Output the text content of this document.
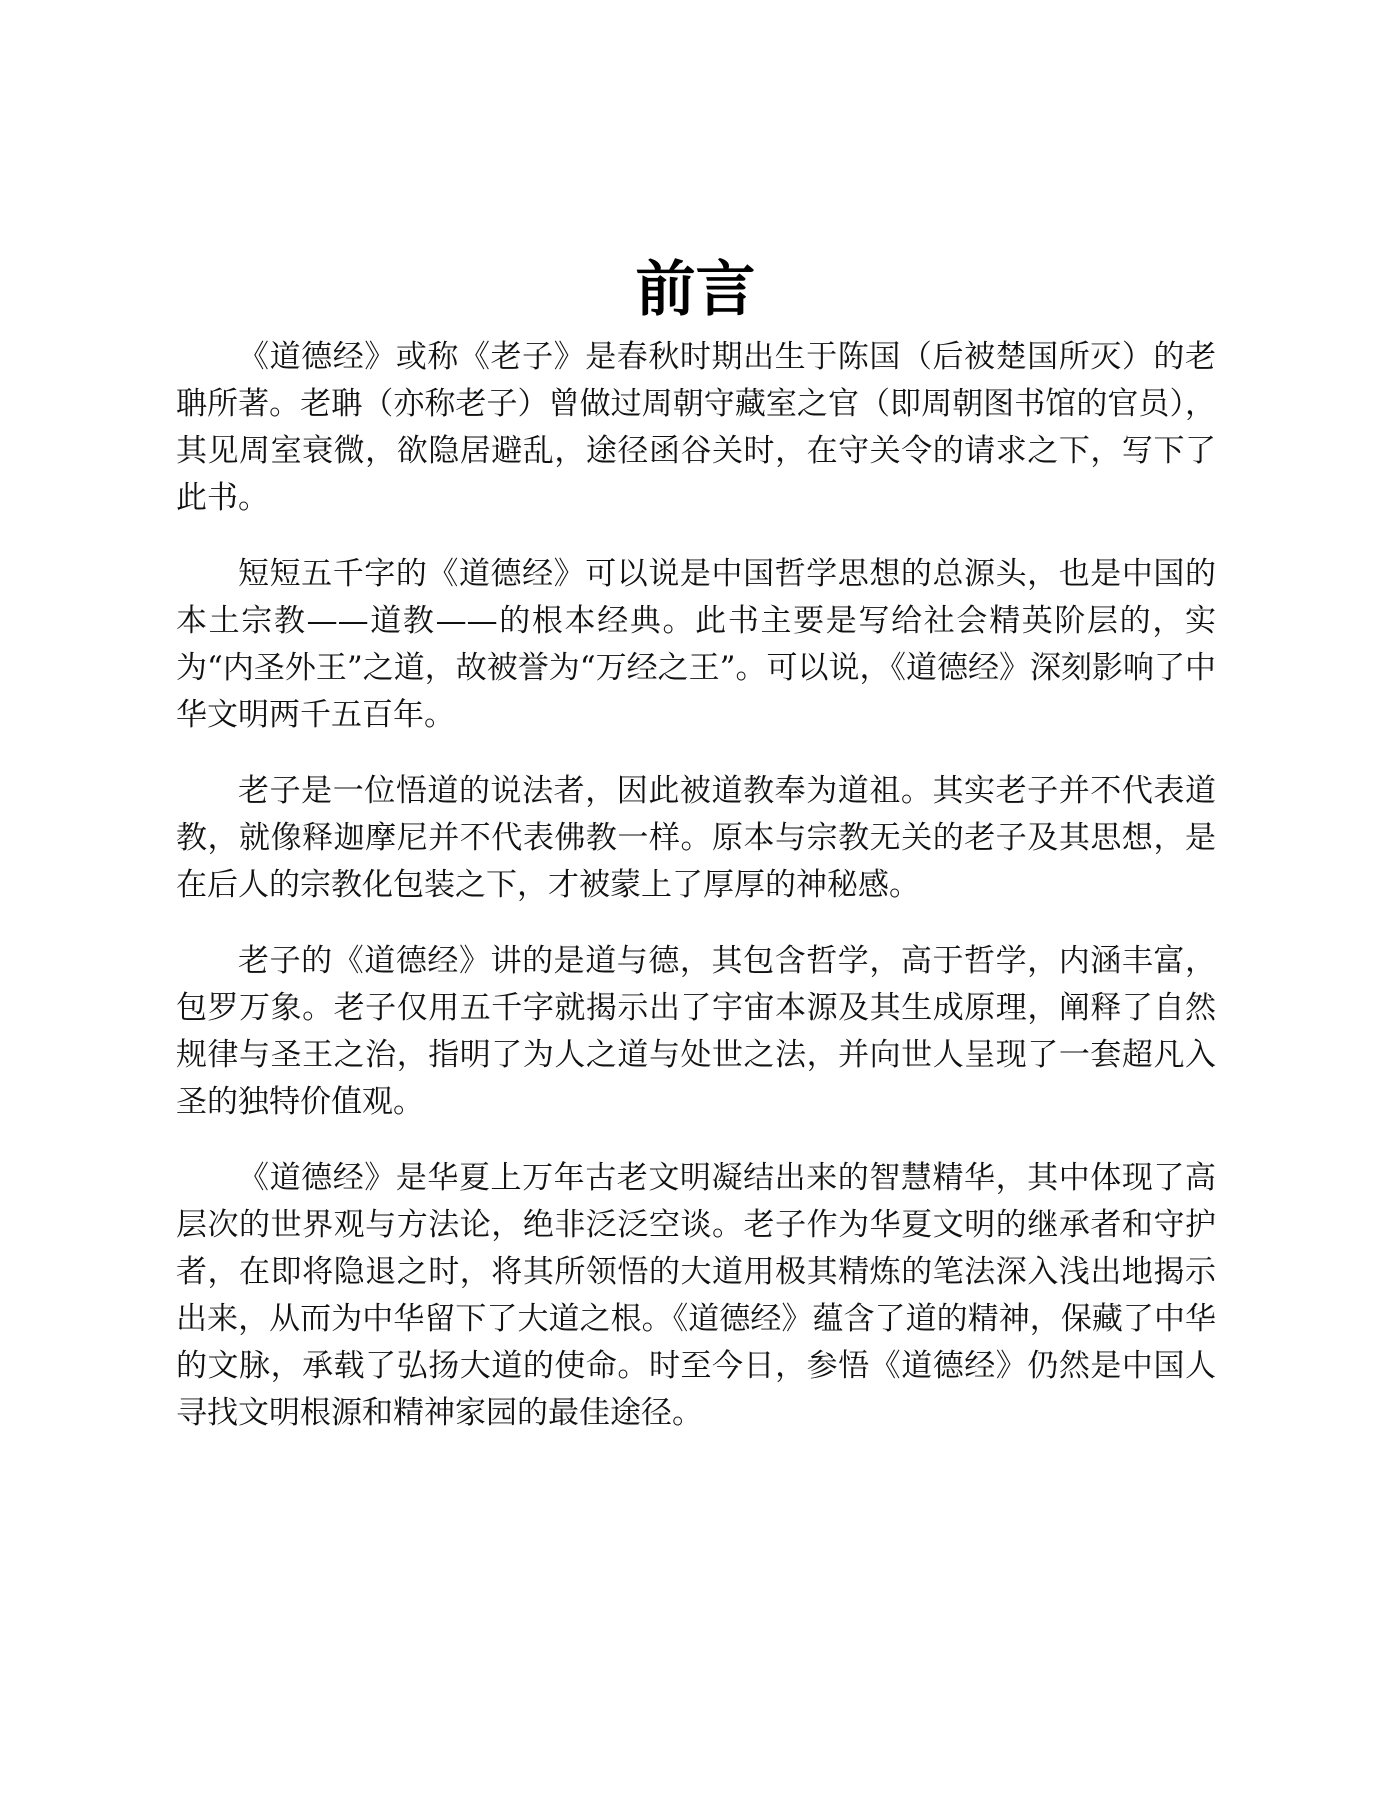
前言

《道德经》或称《老子》是春秋时期出生于陈国（后被楚国所灭）的老聃所著。老聃（亦称老子）曾做过周朝守藏室之官（即周朝图书馆的官员），其见周室衰微，欲隐居避乱，途径函谷关时，在守关令的请求之下，写下了此书。

短短五千字的《道德经》可以说是中国哲学思想的总源头，也是中国的本土宗教——道教——的根本经典。此书主要是写给社会精英阶层的，实为“内圣外王”之道，故被誉为“万经之王”。可以说，《道德经》深刻影响了中华文明两千五百年。

老子是一位悟道的说法者，因此被道教奉为道祖。其实老子并不代表道教，就像释迦摩尼并不代表佛教一样。原本与宗教无关的老子及其思想，是在后人的宗教化包装之下，才被蒙上了厚厚的神秘感。

老子的《道德经》讲的是道与德，其包含哲学，高于哲学，内涵丰富，包罗万象。老子仅用五千字就揭示出了宇宙本源及其生成原理，阐释了自然规律与圣王之治，指明了为人之道与处世之法，并向世人呈现了一套超凡入圣的独特价值观。

《道德经》是华夏上万年古老文明凝结出来的智慧精华，其中体现了高层次的世界观与方法论，绝非泛泛空谈。老子作为华夏文明的继承者和守护者，在即将隐退之时，将其所领悟的大道用极其精炼的笔法深入浅出地揭示出来，从而为中华留下了大道之根。《道德经》蕴含了道的精神，保藏了中华的文脉，承载了弘扬大道的使命。时至今日，参悟《道德经》仍然是中国人寻找文明根源和精神家园的最佳途径。
